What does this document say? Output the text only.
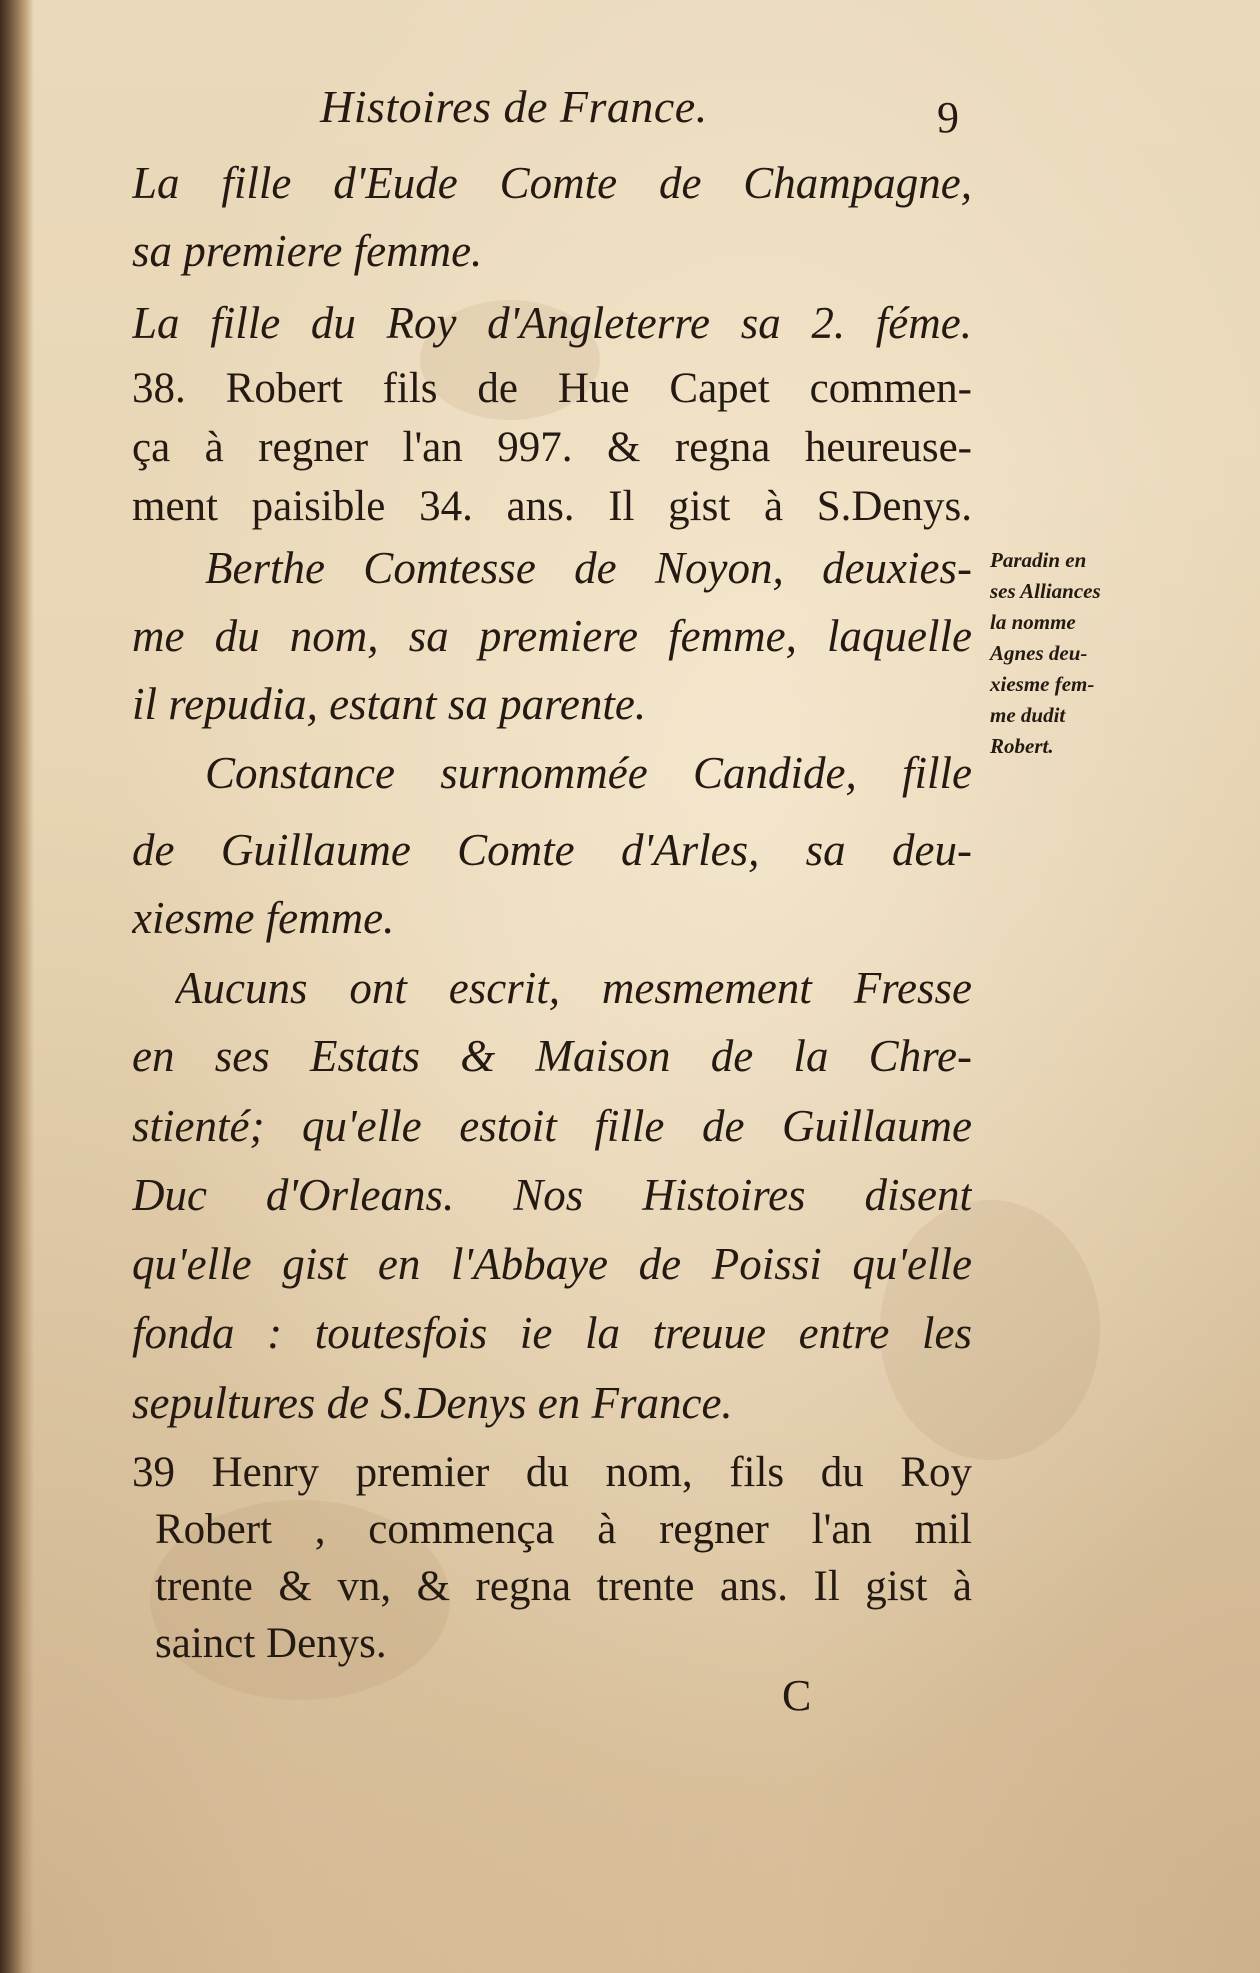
Histoires de France.	9
La fille d'Eude Comte de Champagne,
sa premiere femme.
La fille du Roy d'Angleterre sa 2. féme.
38. Robert fils de Hue Capet commen-
ça à regner l'an 997. & regna heureuse-
ment paisible 34. ans. Il gist à S.Denys.
Berthe Comtesse de Noyon, deuxies-
me du nom, sa premiere femme, laquelle
il repudia, estant sa parente.
Constance surnommée Candide, fille
de Guillaume Comte d'Arles, sa deu-
xiesme femme.
Aucuns ont escrit, mesmement Fresse
en ses Estats & Maison de la Chre-
stienté; qu'elle estoit fille de Guillaume
Duc d'Orleans. Nos Histoires disent
qu'elle gist en l'Abbaye de Poissi qu'elle
fonda : toutesfois ie la treuue entre les
sepultures de S.Denys en France.
39 Henry premier du nom, fils du Roy
Robert , commença à regner l'an mil
trente & vn, & regna trente ans. Il gist à
sainct Denys.
Paradin en
ses Alliances
la nomme
Agnes deu-
xiesme fem-
me dudit
Robert.
C
